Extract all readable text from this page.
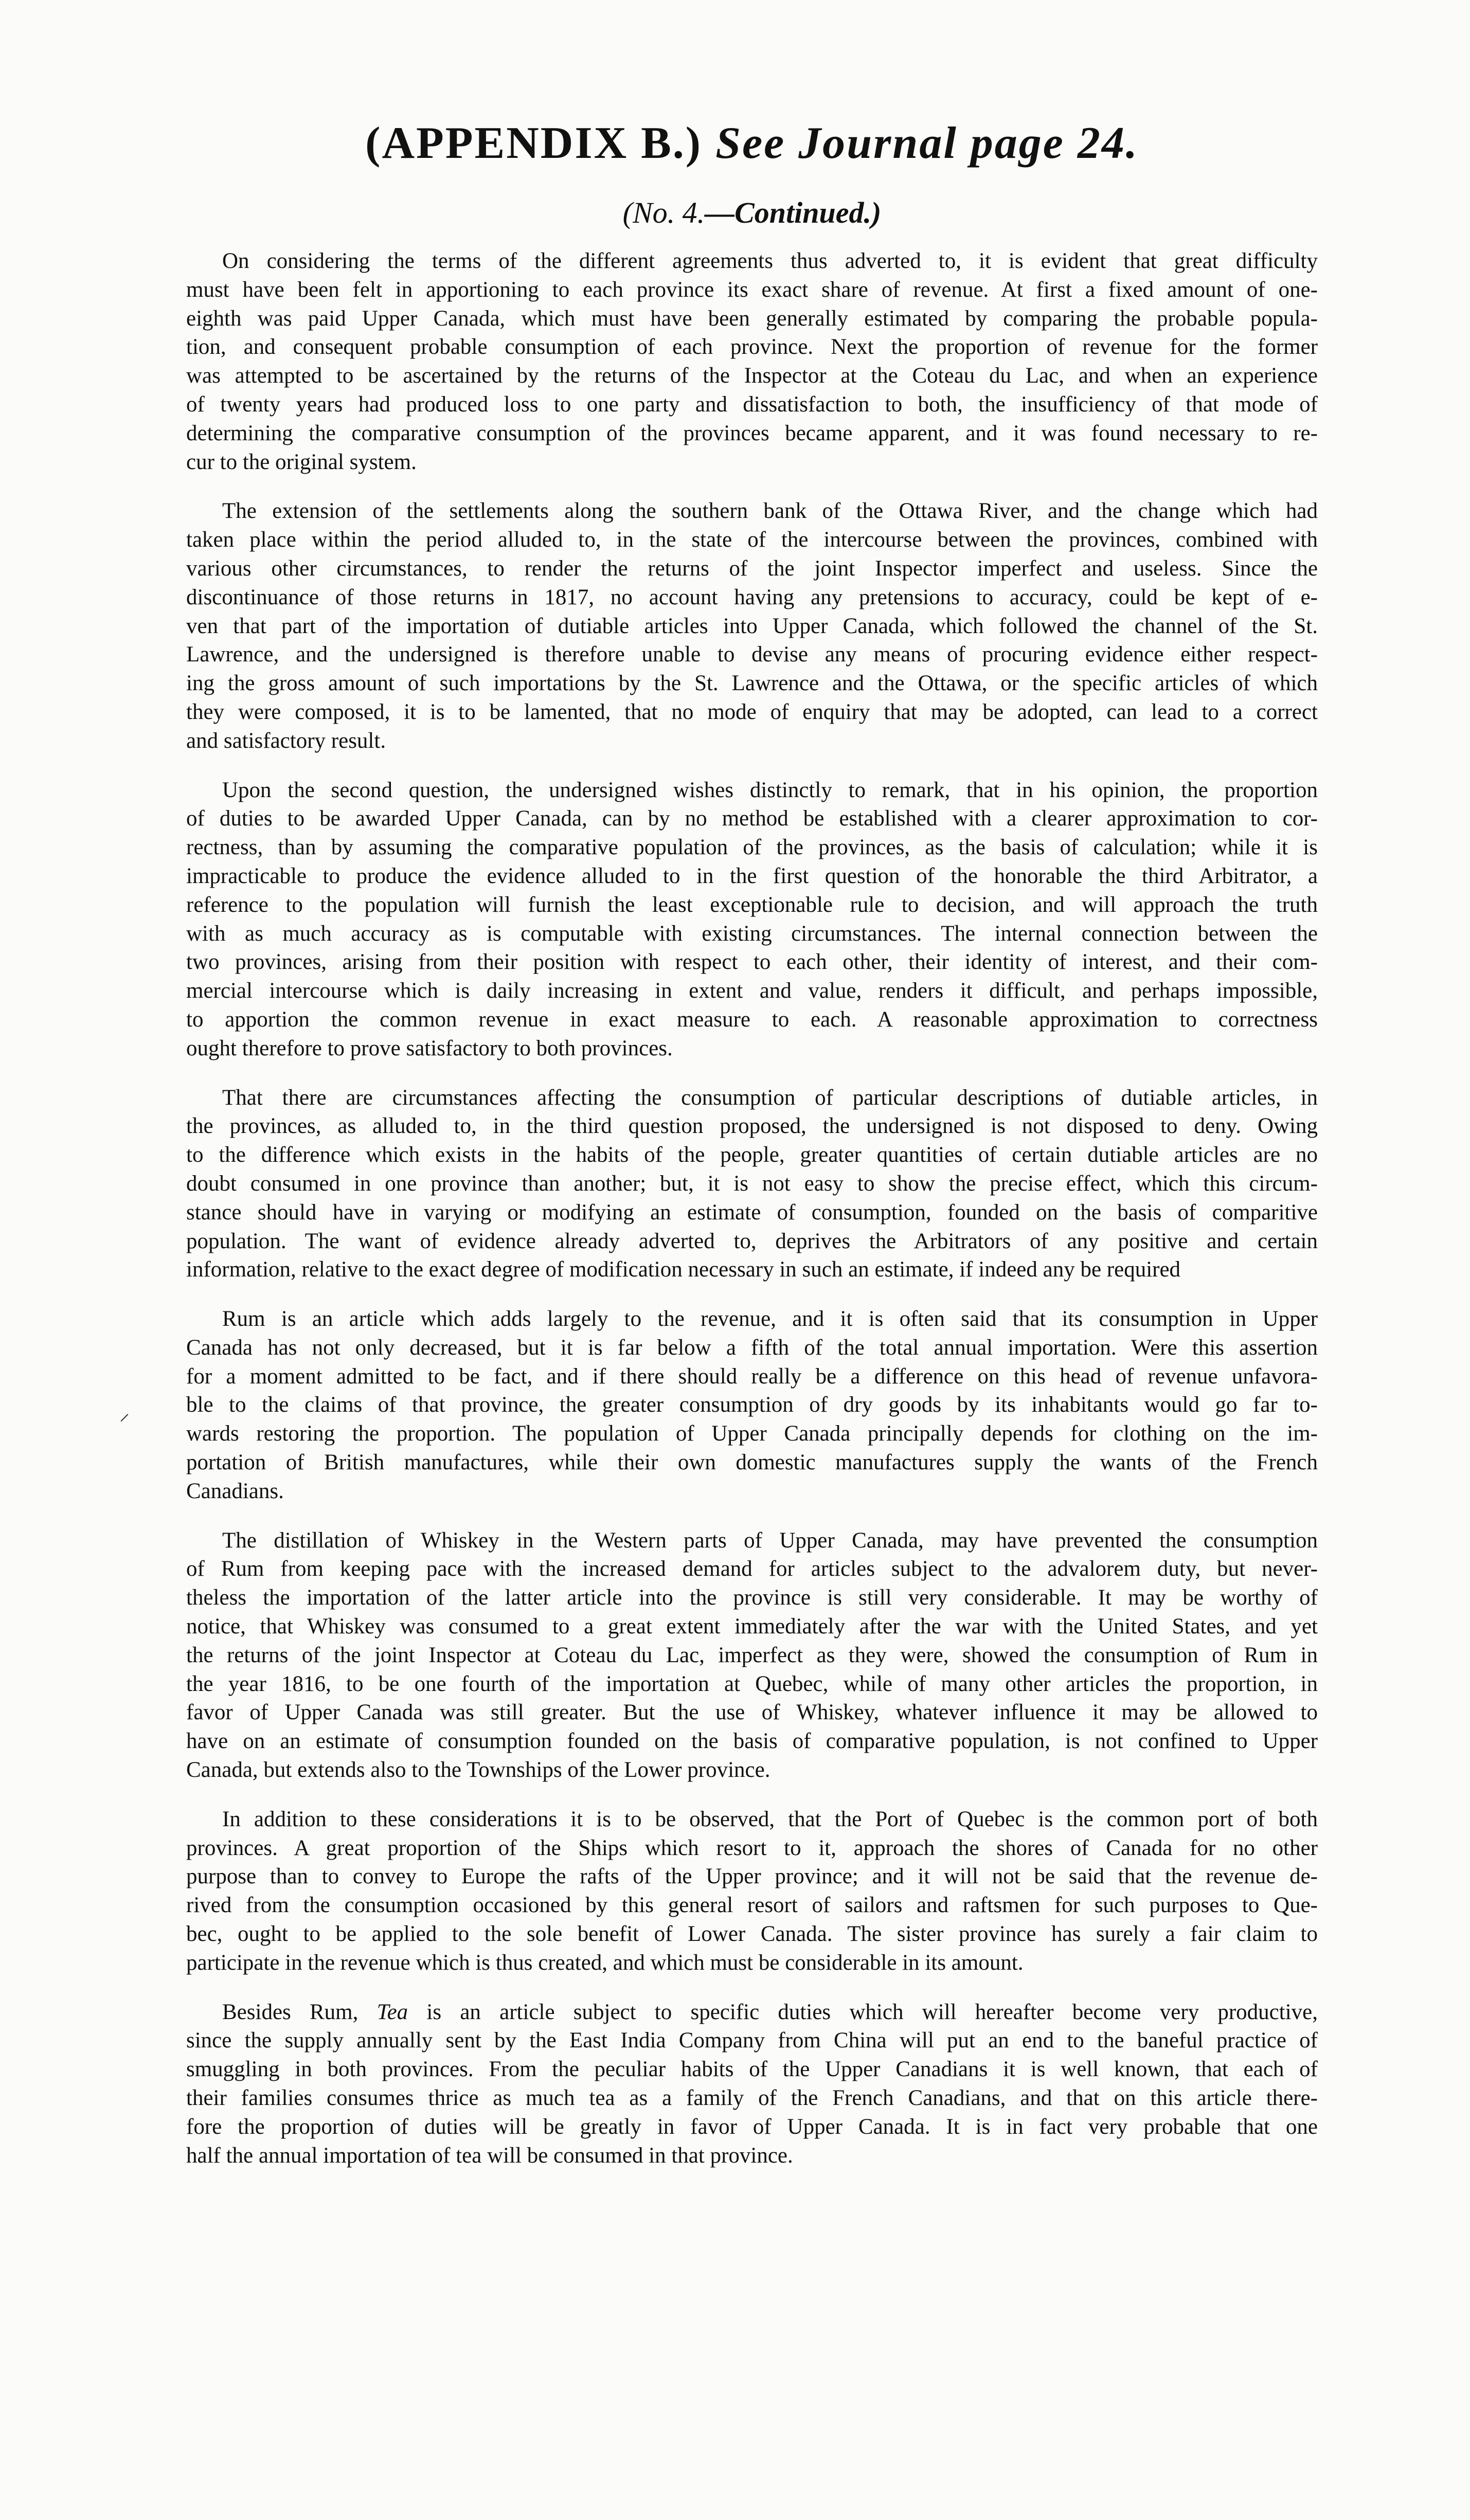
(APPENDIX B.) See Journal page 24.
(No. 4.—Continued.)
On considering the terms of the different agreements thus adverted to, it is evident that great difficulty
must have been felt in apportioning to each province its exact share of revenue. At first a fixed amount of one-
eighth was paid Upper Canada, which must have been generally estimated by comparing the probable popula-
tion, and consequent probable consumption of each province. Next the proportion of revenue for the former
was attempted to be ascertained by the returns of the Inspector at the Coteau du Lac, and when an experience
of twenty years had produced loss to one party and dissatisfaction to both, the insufficiency of that mode of
determining the comparative consumption of the provinces became apparent, and it was found necessary to re-
cur to the original system.
The extension of the settlements along the southern bank of the Ottawa River, and the change which had
taken place within the period alluded to, in the state of the intercourse between the provinces, combined with
various other circumstances, to render the returns of the joint Inspector imperfect and useless. Since the
discontinuance of those returns in 1817, no account having any pretensions to accuracy, could be kept of e-
ven that part of the importation of dutiable articles into Upper Canada, which followed the channel of the St.
Lawrence, and the undersigned is therefore unable to devise any means of procuring evidence either respect-
ing the gross amount of such importations by the St. Lawrence and the Ottawa, or the specific articles of which
they were composed, it is to be lamented, that no mode of enquiry that may be adopted, can lead to a correct
and satisfactory result.
Upon the second question, the undersigned wishes distinctly to remark, that in his opinion, the proportion
of duties to be awarded Upper Canada, can by no method be established with a clearer approximation to cor-
rectness, than by assuming the comparative population of the provinces, as the basis of calculation; while it is
impracticable to produce the evidence alluded to in the first question of the honorable the third Arbitrator, a
reference to the population will furnish the least exceptionable rule to decision, and will approach the truth
with as much accuracy as is computable with existing circumstances. The internal connection between the
two provinces, arising from their position with respect to each other, their identity of interest, and their com-
mercial intercourse which is daily increasing in extent and value, renders it difficult, and perhaps impossible,
to apportion the common revenue in exact measure to each. A reasonable approximation to correctness
ought therefore to prove satisfactory to both provinces.
That there are circumstances affecting the consumption of particular descriptions of dutiable articles, in
the provinces, as alluded to, in the third question proposed, the undersigned is not disposed to deny. Owing
to the difference which exists in the habits of the people, greater quantities of certain dutiable articles are no
doubt consumed in one province than another; but, it is not easy to show the precise effect, which this circum-
stance should have in varying or modifying an estimate of consumption, founded on the basis of comparitive
population. The want of evidence already adverted to, deprives the Arbitrators of any positive and certain
information, relative to the exact degree of modification necessary in such an estimate, if indeed any be required
Rum is an article which adds largely to the revenue, and it is often said that its consumption in Upper
Canada has not only decreased, but it is far below a fifth of the total annual importation. Were this assertion
for a moment admitted to be fact, and if there should really be a difference on this head of revenue unfavora-
ble to the claims of that province, the greater consumption of dry goods by its inhabitants would go far to-
wards restoring the proportion. The population of Upper Canada principally depends for clothing on the im-
portation of British manufactures, while their own domestic manufactures supply the wants of the French
Canadians.
The distillation of Whiskey in the Western parts of Upper Canada, may have prevented the consumption
of Rum from keeping pace with the increased demand for articles subject to the advalorem duty, but never-
theless the importation of the latter article into the province is still very considerable. It may be worthy of
notice, that Whiskey was consumed to a great extent immediately after the war with the United States, and yet
the returns of the joint Inspector at Coteau du Lac, imperfect as they were, showed the consumption of Rum in
the year 1816, to be one fourth of the importation at Quebec, while of many other articles the proportion, in
favor of Upper Canada was still greater. But the use of Whiskey, whatever influence it may be allowed to
have on an estimate of consumption founded on the basis of comparative population, is not confined to Upper
Canada, but extends also to the Townships of the Lower province.
In addition to these considerations it is to be observed, that the Port of Quebec is the common port of both
provinces. A great proportion of the Ships which resort to it, approach the shores of Canada for no other
purpose than to convey to Europe the rafts of the Upper province; and it will not be said that the revenue de-
rived from the consumption occasioned by this general resort of sailors and raftsmen for such purposes to Que-
bec, ought to be applied to the sole benefit of Lower Canada. The sister province has surely a fair claim to
participate in the revenue which is thus created, and which must be considerable in its amount.
Besides Rum, Tea is an article subject to specific duties which will hereafter become very productive,
since the supply annually sent by the East India Company from China will put an end to the baneful practice of
smuggling in both provinces. From the peculiar habits of the Upper Canadians it is well known, that each of
their families consumes thrice as much tea as a family of the French Canadians, and that on this article there-
fore the proportion of duties will be greatly in favor of Upper Canada. It is in fact very probable that one
half the annual importation of tea will be consumed in that province.
⸝
